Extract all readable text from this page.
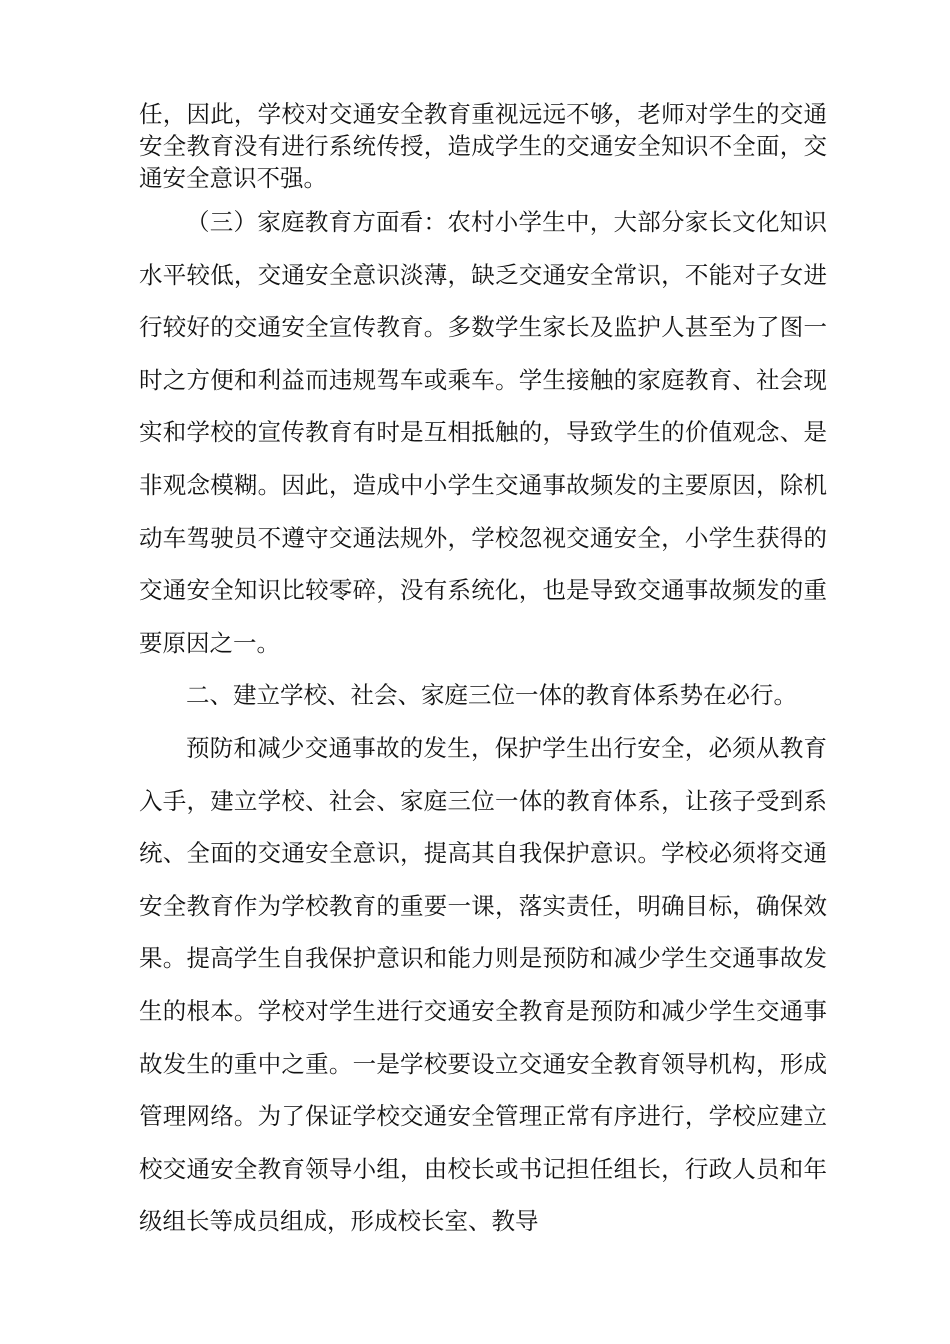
任，因此，学校对交通安全教育重视远远不够，老师对学生的交通安全教育没有进行系统传授，造成学生的交通安全知识不全面，交通安全意识不强。

（三）家庭教育方面看：农村小学生中，大部分家长文化知识水平较低，交通安全意识淡薄，缺乏交通安全常识，不能对子女进行较好的交通安全宣传教育。多数学生家长及监护人甚至为了图一时之方便和利益而违规驾车或乘车。学生接触的家庭教育、社会现实和学校的宣传教育有时是互相抵触的，导致学生的价值观念、是非观念模糊。因此，造成中小学生交通事故频发的主要原因，除机动车驾驶员不遵守交通法规外，学校忽视交通安全，小学生获得的交通安全知识比较零碎，没有系统化，也是导致交通事故频发的重要原因之一。

二、建立学校、社会、家庭三位一体的教育体系势在必行。

预防和减少交通事故的发生，保护学生出行安全，必须从教育入手，建立学校、社会、家庭三位一体的教育体系，让孩子受到系统、全面的交通安全意识，提高其自我保护意识。学校必须将交通安全教育作为学校教育的重要一课，落实责任，明确目标，确保效果。提高学生自我保护意识和能力则是预防和减少学生交通事故发生的根本。学校对学生进行交通安全教育是预防和减少学生交通事故发生的重中之重。一是学校要设立交通安全教育领导机构，形成管理网络。为了保证学校交通安全管理正常有序进行，学校应建立校交通安全教育领导小组，由校长或书记担任组长，行政人员和年级组长等成员组成，形成校长室、教导
